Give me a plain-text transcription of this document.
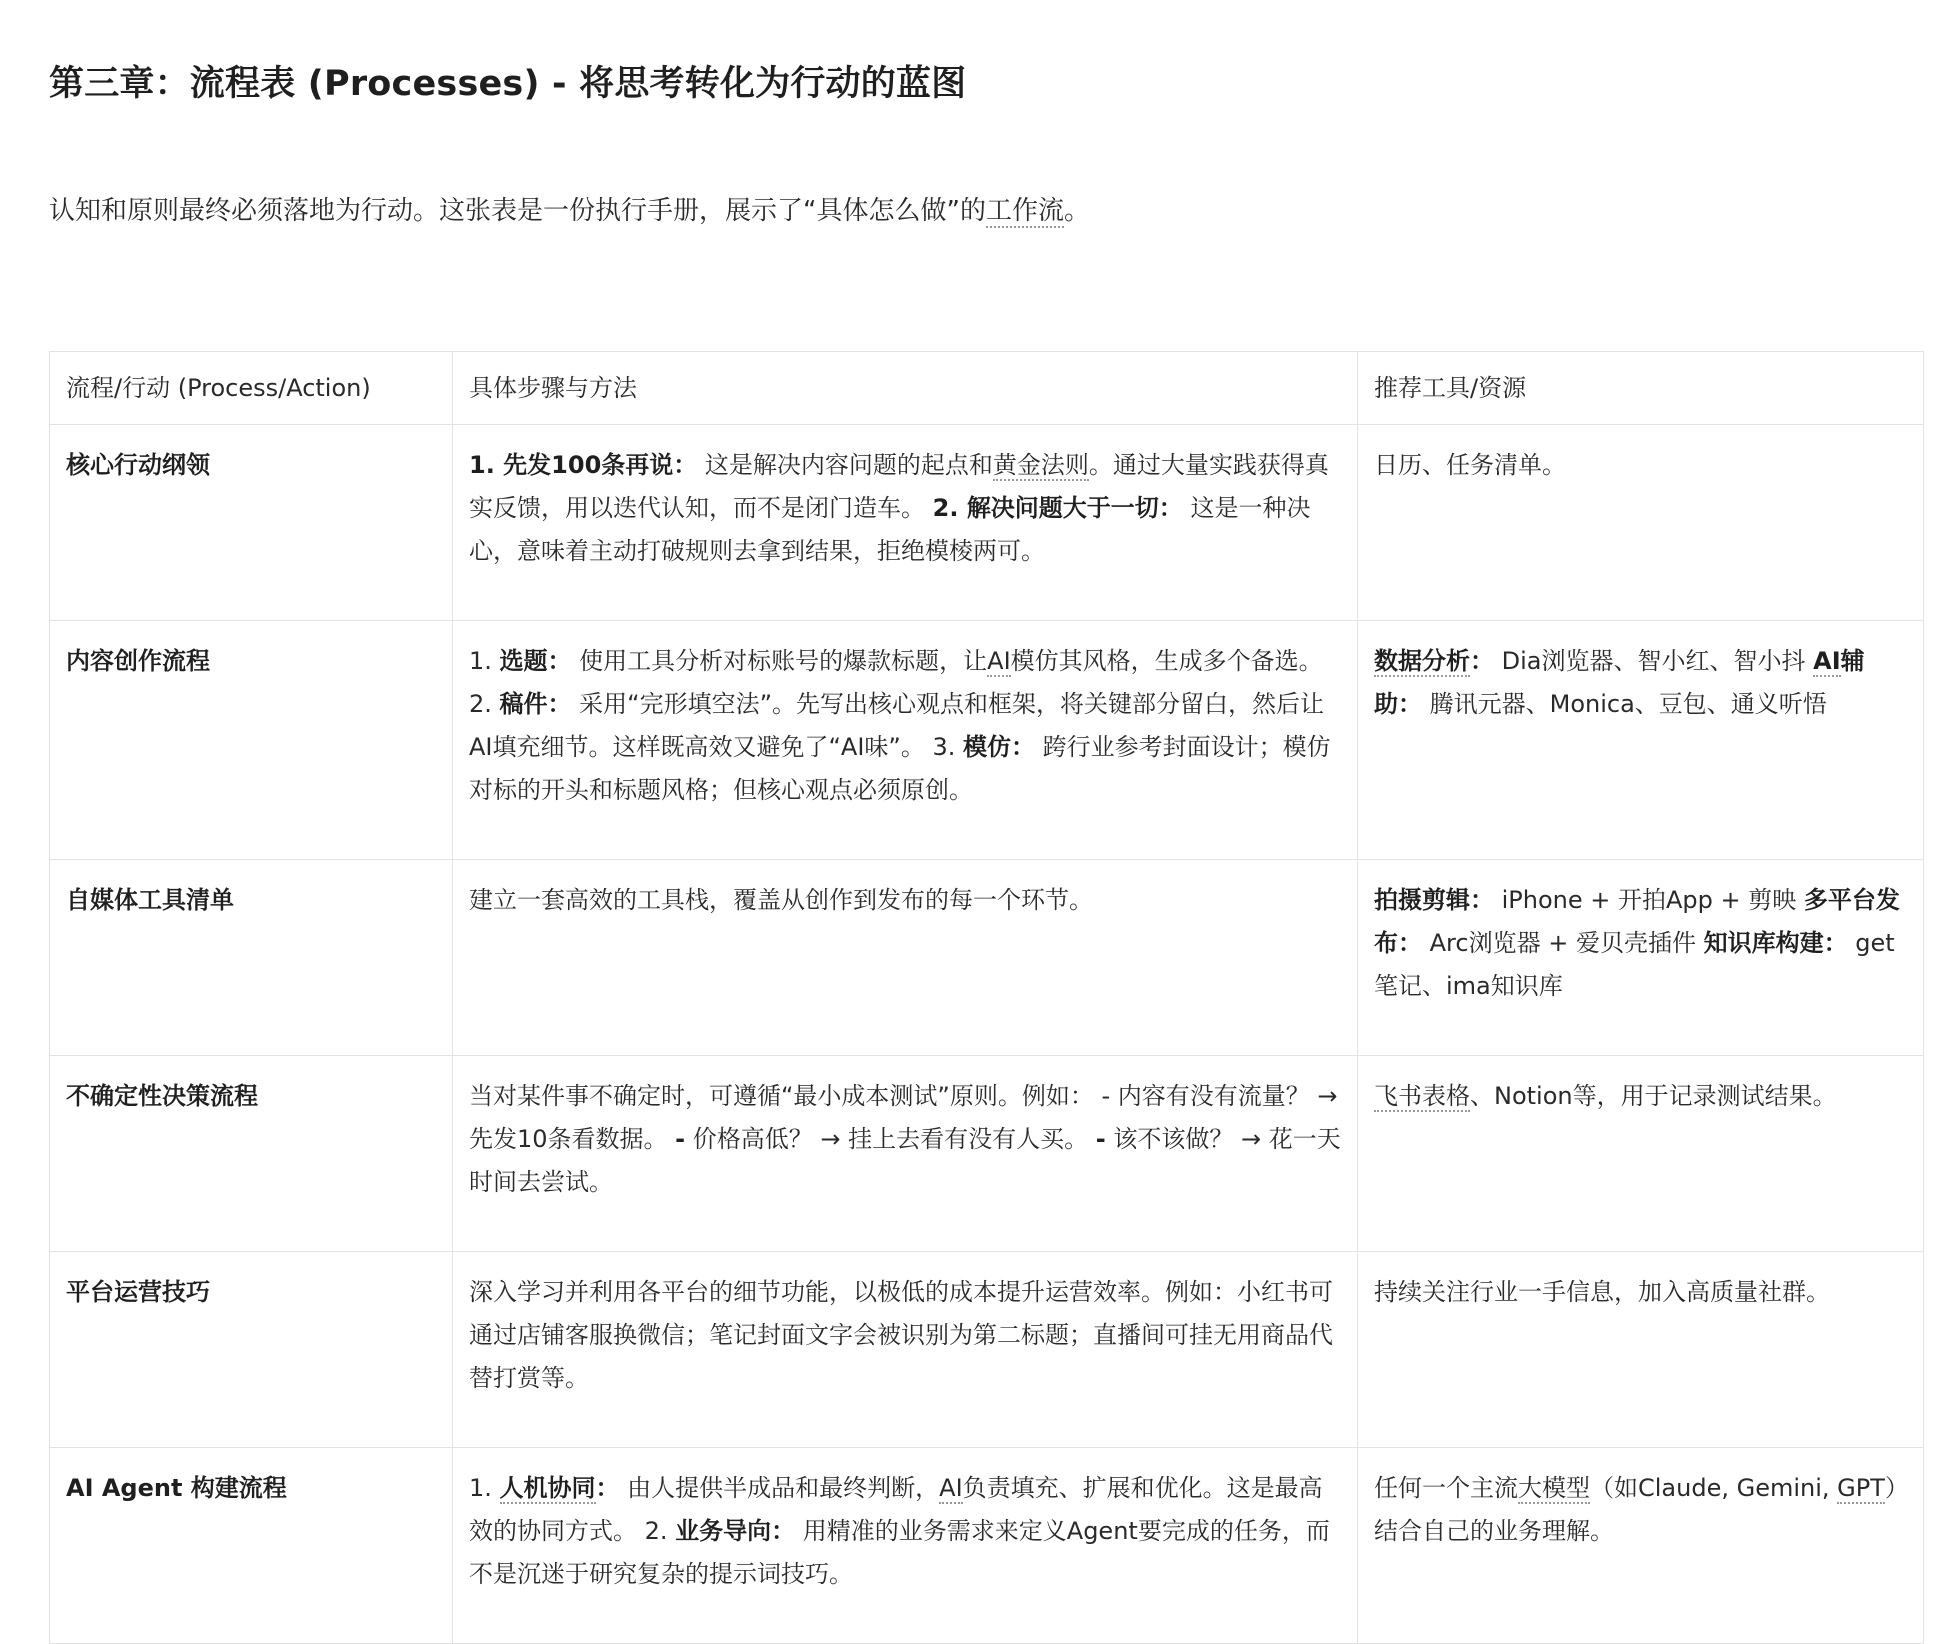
第三章：流程表 (Processes) - 将思考转化为行动的蓝图

认知和原则最终必须落地为行动。这张表是一份执行手册，展示了“具体怎么做”的工作流。

流程/行动 (Process/Action)	具体步骤与方法	推荐工具/资源
核心行动纲领	1. 先发100条再说： 这是解决内容问题的起点和黄金法则。通过大量实践获得真实反馈，用以迭代认知，而不是闭门造车。 2. 解决问题大于一切： 这是一种决心，意味着主动打破规则去拿到结果，拒绝模棱两可。	日历、任务清单。
内容创作流程	1. 选题： 使用工具分析对标账号的爆款标题，让AI模仿其风格，生成多个备选。 2. 稿件： 采用“完形填空法”。先写出核心观点和框架，将关键部分留白，然后让AI填充细节。这样既高效又避免了“AI味”。 3. 模仿： 跨行业参考封面设计；模仿对标的开头和标题风格；但核心观点必须原创。	数据分析： Dia浏览器、智小红、智小抖 AI辅助： 腾讯元器、Monica、豆包、通义听悟
自媒体工具清单	建立一套高效的工具栈，覆盖从创作到发布的每一个环节。	拍摄剪辑： iPhone + 开拍App + 剪映 多平台发布： Arc浏览器 + 爱贝壳插件 知识库构建： get笔记、ima知识库
不确定性决策流程	当对某件事不确定时，可遵循“最小成本测试”原则。例如： - 内容有没有流量？ → 先发10条看数据。 - 价格高低？ → 挂上去看有没有人买。 - 该不该做？ → 花一天时间去尝试。	飞书表格、Notion等，用于记录测试结果。
平台运营技巧	深入学习并利用各平台的细节功能，以极低的成本提升运营效率。例如：小红书可通过店铺客服换微信；笔记封面文字会被识别为第二标题；直播间可挂无用商品代替打赏等。	持续关注行业一手信息，加入高质量社群。
AI Agent 构建流程	1. 人机协同： 由人提供半成品和最终判断，AI负责填充、扩展和优化。这是最高效的协同方式。 2. 业务导向： 用精准的业务需求来定义Agent要完成的任务，而不是沉迷于研究复杂的提示词技巧。	任何一个主流大模型（如Claude, Gemini, GPT）结合自己的业务理解。
